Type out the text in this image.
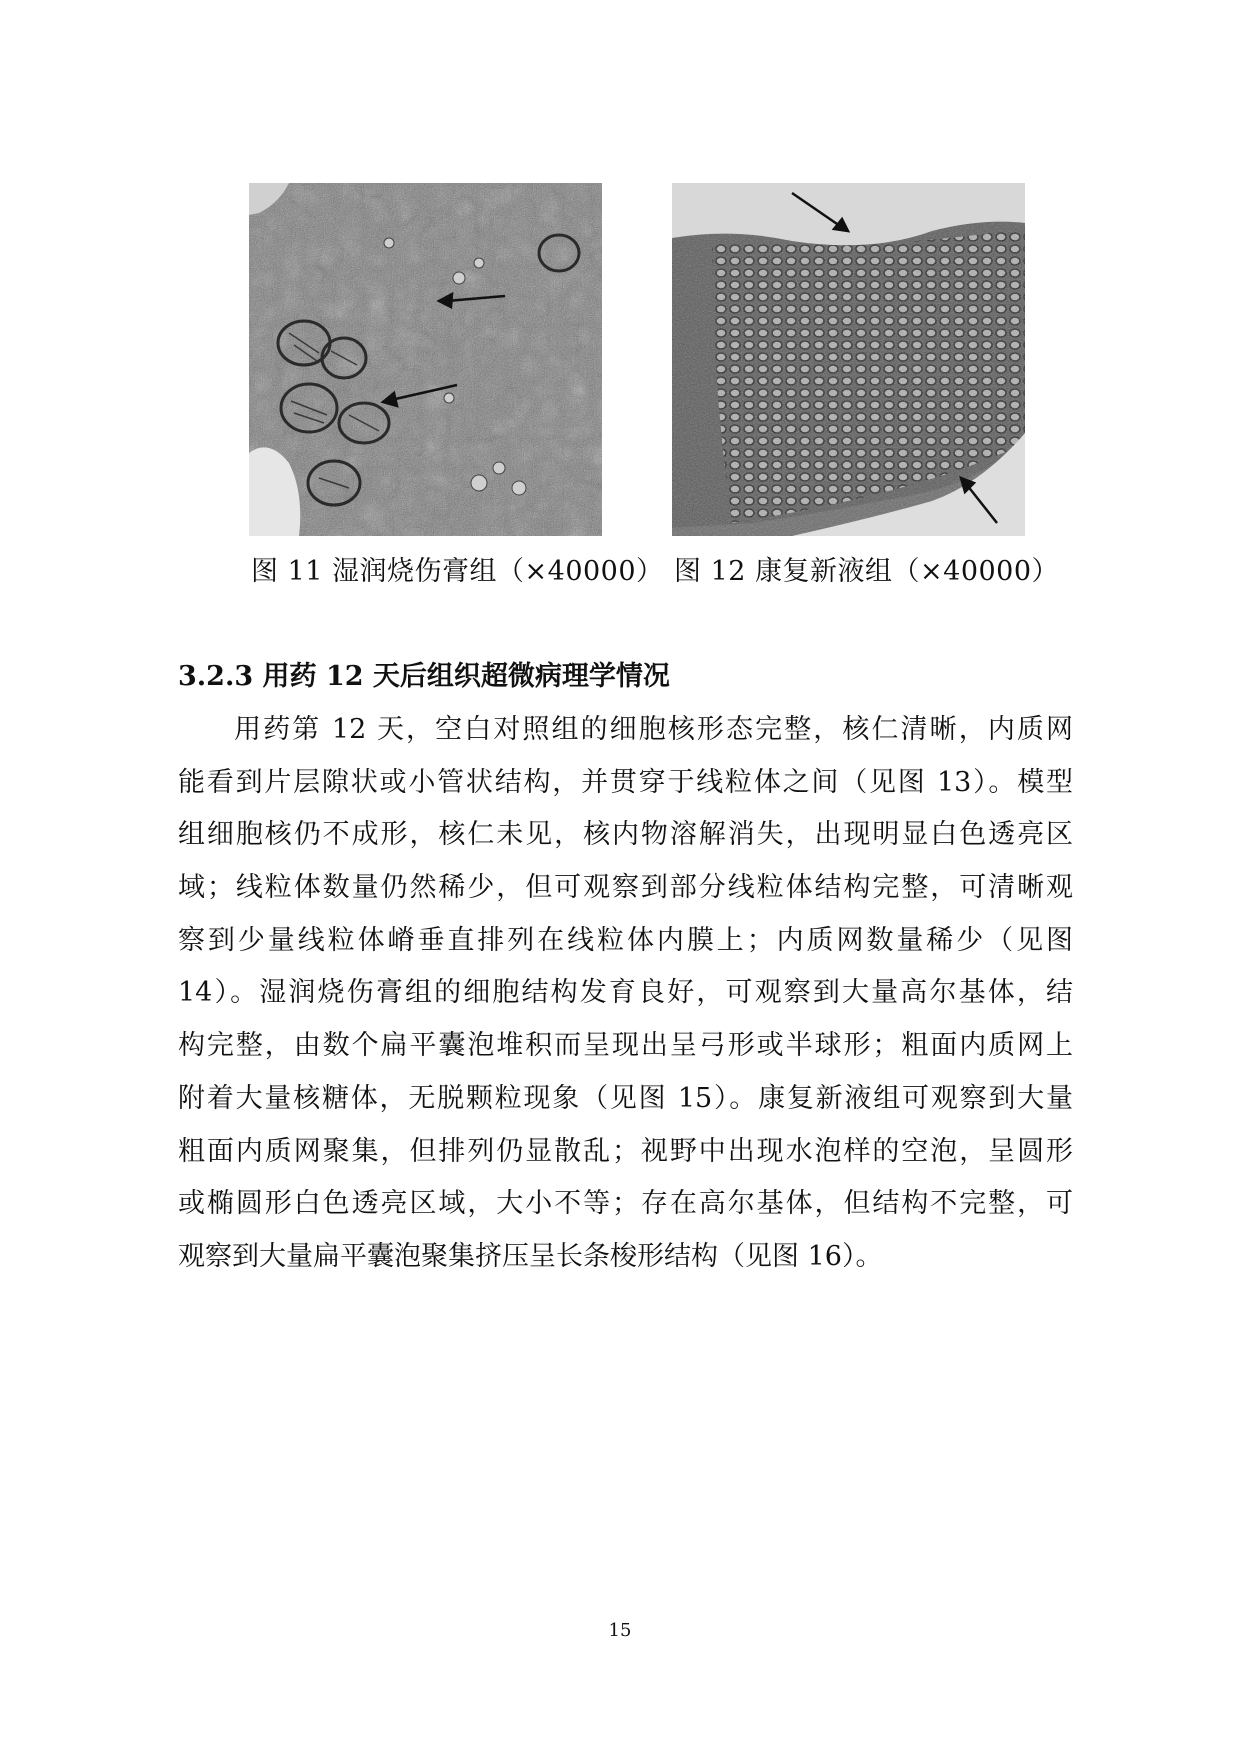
图 11 湿润烧伤膏组（×40000） 图 12 康复新液组（×40000）
3.2.3 用药 12 天后组织超微病理学情况
用药第 12 天，空白对照组的细胞核形态完整，核仁清晰，内质网
能看到片层隙状或小管状结构，并贯穿于线粒体之间（见图 13）。模型
组细胞核仍不成形，核仁未见，核内物溶解消失，出现明显白色透亮区
域；线粒体数量仍然稀少，但可观察到部分线粒体结构完整，可清晰观
察到少量线粒体嵴垂直排列在线粒体内膜上；内质网数量稀少（见图
14）。湿润烧伤膏组的细胞结构发育良好，可观察到大量高尔基体，结
构完整，由数个扁平囊泡堆积而呈现出呈弓形或半球形；粗面内质网上
附着大量核糖体，无脱颗粒现象（见图 15）。康复新液组可观察到大量
粗面内质网聚集，但排列仍显散乱；视野中出现水泡样的空泡，呈圆形
或椭圆形白色透亮区域，大小不等；存在高尔基体，但结构不完整，可
观察到大量扁平囊泡聚集挤压呈长条梭形结构（见图 16）。
15
